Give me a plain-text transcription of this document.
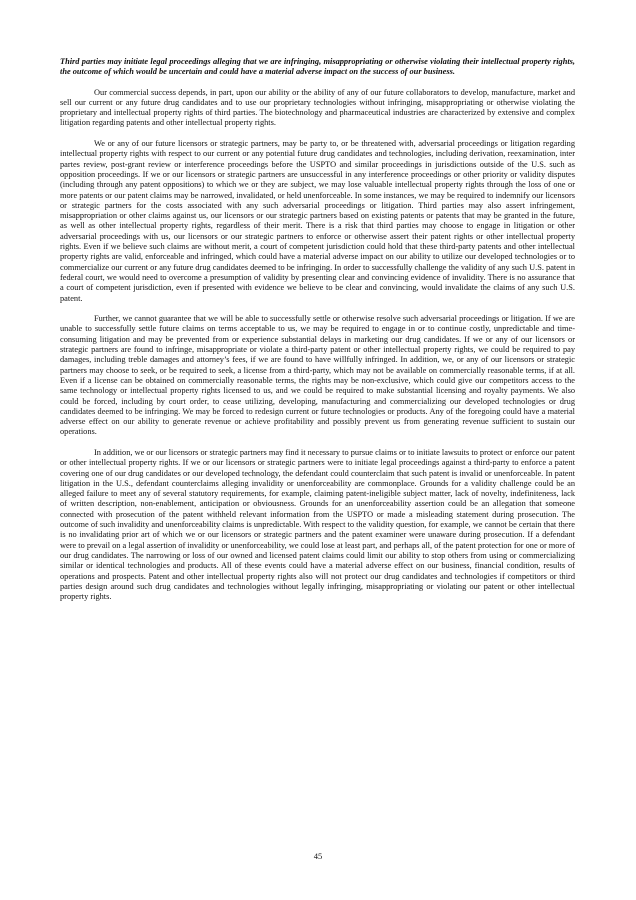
Third parties may initiate legal proceedings alleging that we are infringing, misappropriating or otherwise violating their intellectual property rights, the outcome of which would be uncertain and could have a material adverse impact on the success of our business.

Our commercial success depends, in part, upon our ability or the ability of any of our future collaborators to develop, manufacture, market and sell our current or any future drug candidates and to use our proprietary technologies without infringing, misappropriating or otherwise violating the proprietary and intellectual property rights of third parties. The biotechnology and pharmaceutical industries are characterized by extensive and complex litigation regarding patents and other intellectual property rights.

We or any of our future licensors or strategic partners, may be party to, or be threatened with, adversarial proceedings or litigation regarding intellectual property rights with respect to our current or any potential future drug candidates and technologies, including derivation, reexamination, inter partes review, post-grant review or interference proceedings before the USPTO and similar proceedings in jurisdictions outside of the U.S. such as opposition proceedings. If we or our licensors or strategic partners are unsuccessful in any interference proceedings or other priority or validity disputes (including through any patent oppositions) to which we or they are subject, we may lose valuable intellectual property rights through the loss of one or more patents or our patent claims may be narrowed, invalidated, or held unenforceable. In some instances, we may be required to indemnify our licensors or strategic partners for the costs associated with any such adversarial proceedings or litigation. Third parties may also assert infringement, misappropriation or other claims against us, our licensors or our strategic partners based on existing patents or patents that may be granted in the future, as well as other intellectual property rights, regardless of their merit. There is a risk that third parties may choose to engage in litigation or other adversarial proceedings with us, our licensors or our strategic partners to enforce or otherwise assert their patent rights or other intellectual property rights. Even if we believe such claims are without merit, a court of competent jurisdiction could hold that these third-party patents and other intellectual property rights are valid, enforceable and infringed, which could have a material adverse impact on our ability to utilize our developed technologies or to commercialize our current or any future drug candidates deemed to be infringing. In order to successfully challenge the validity of any such U.S. patent in federal court, we would need to overcome a presumption of validity by presenting clear and convincing evidence of invalidity. There is no assurance that a court of competent jurisdiction, even if presented with evidence we believe to be clear and convincing, would invalidate the claims of any such U.S. patent.

Further, we cannot guarantee that we will be able to successfully settle or otherwise resolve such adversarial proceedings or litigation. If we are unable to successfully settle future claims on terms acceptable to us, we may be required to engage in or to continue costly, unpredictable and time-consuming litigation and may be prevented from or experience substantial delays in marketing our drug candidates. If we or any of our licensors or strategic partners are found to infringe, misappropriate or violate a third-party patent or other intellectual property rights, we could be required to pay damages, including treble damages and attorney’s fees, if we are found to have willfully infringed. In addition, we, or any of our licensors or strategic partners may choose to seek, or be required to seek, a license from a third-party, which may not be available on commercially reasonable terms, if at all. Even if a license can be obtained on commercially reasonable terms, the rights may be non-exclusive, which could give our competitors access to the same technology or intellectual property rights licensed to us, and we could be required to make substantial licensing and royalty payments. We also could be forced, including by court order, to cease utilizing, developing, manufacturing and commercializing our developed technologies or drug candidates deemed to be infringing. We may be forced to redesign current or future technologies or products. Any of the foregoing could have a material adverse effect on our ability to generate revenue or achieve profitability and possibly prevent us from generating revenue sufficient to sustain our operations.

In addition, we or our licensors or strategic partners may find it necessary to pursue claims or to initiate lawsuits to protect or enforce our patent or other intellectual property rights. If we or our licensors or strategic partners were to initiate legal proceedings against a third-party to enforce a patent covering one of our drug candidates or our developed technology, the defendant could counterclaim that such patent is invalid or unenforceable. In patent litigation in the U.S., defendant counterclaims alleging invalidity or unenforceability are commonplace. Grounds for a validity challenge could be an alleged failure to meet any of several statutory requirements, for example, claiming patent-ineligible subject matter, lack of novelty, indefiniteness, lack of written description, non-enablement, anticipation or obviousness. Grounds for an unenforceability assertion could be an allegation that someone connected with prosecution of the patent withheld relevant information from the USPTO or made a misleading statement during prosecution. The outcome of such invalidity and unenforceability claims is unpredictable. With respect to the validity question, for example, we cannot be certain that there is no invalidating prior art of which we or our licensors or strategic partners and the patent examiner were unaware during prosecution. If a defendant were to prevail on a legal assertion of invalidity or unenforceability, we could lose at least part, and perhaps all, of the patent protection for one or more of our drug candidates. The narrowing or loss of our owned and licensed patent claims could limit our ability to stop others from using or commercializing similar or identical technologies and products. All of these events could have a material adverse effect on our business, financial condition, results of operations and prospects. Patent and other intellectual property rights also will not protect our drug candidates and technologies if competitors or third parties design around such drug candidates and technologies without legally infringing, misappropriating or violating our patent or other intellectual property rights.

45
